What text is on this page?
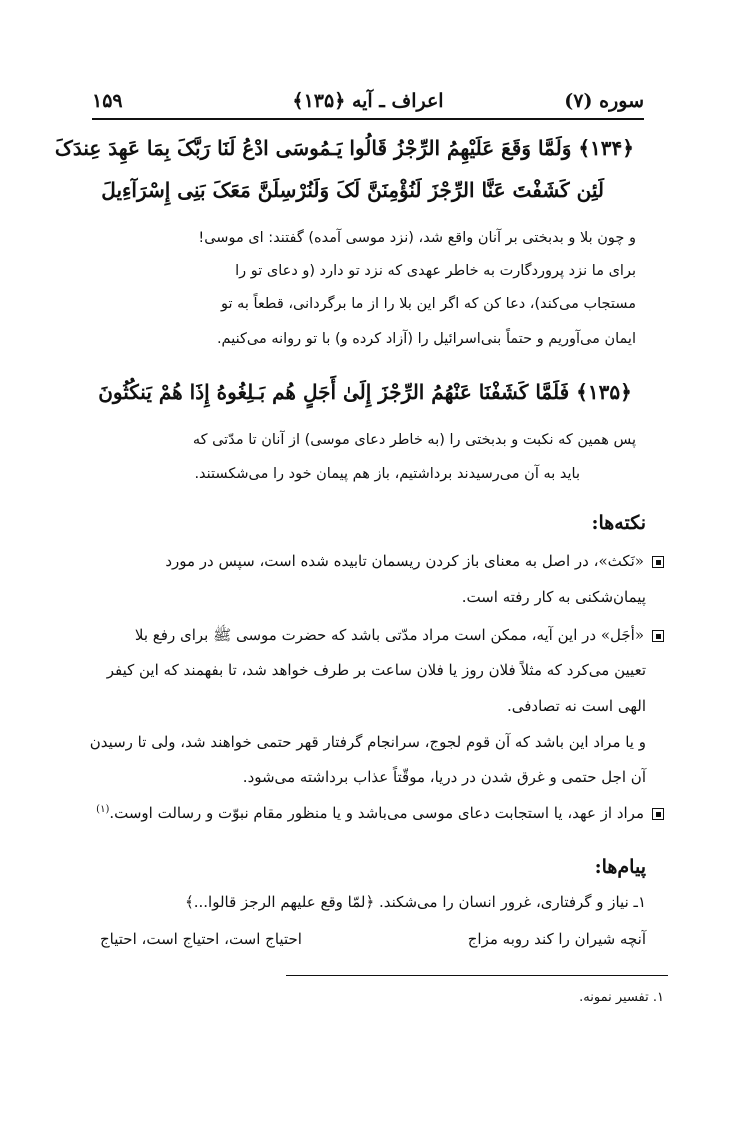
سوره (۷)
اعراف ـ آیه ﴿۱۳۵﴾
۱۵۹
﴿۱۳۴﴾ وَلَمَّا وَقَعَ عَلَیْهِمُ الرِّجْزُ قَالُوا یَـمُوسَی ادْعُ لَنَا رَبَّکَ بِمَا عَهِدَ عِندَکَ
لَئِن کَشَفْتَ عَنَّا الرِّجْزَ لَنُؤْمِنَنَّ لَکَ وَلَنُرْسِلَنَّ مَعَکَ بَنِی إِسْرَآءِیلَ
و چون بلا و بدبختی بر آنان واقع شد، (نزد موسی آمده) گفتند: ای موسی!
برای ما نزد پروردگارت به خاطر عهدی که نزد تو دارد (و دعای تو را
مستجاب می‌کند)، دعا کن که اگر این بلا را از ما برگردانی، قطعاً به تو
ایمان می‌آوریم و حتماً بنی‌اسرائیل را (آزاد کرده و) با تو روانه می‌کنیم.
﴿۱۳۵﴾ فَلَمَّا کَشَفْنَا عَنْهُمُ الرِّجْزَ إِلَیٰ أَجَلٍ هُم بَـلِغُوهُ إِذَا هُمْ یَنکُثُونَ
پس همین که نکبت و بدبختی را (به خاطر دعای موسی) از آنان تا مدّتی که
باید به آن می‌رسیدند برداشتیم، باز هم پیمان خود را می‌شکستند.
نکته‌ها:
«نَکث»، در اصل به معنای باز کردن ریسمان تابیده شده است، سپس در مورد
پیمان‌شکنی به کار رفته است.
«أجَل» در این آیه، ممکن است مراد مدّتی باشد که حضرت موسی ﷺ برای رفع بلا
تعیین می‌کرد که مثلاً فلان روز یا فلان ساعت بر طرف خواهد شد، تا بفهمند که این کیفر
الهی است نه تصادفی.
و یا مراد این باشد که آن قوم لجوج، سرانجام گرفتار قهر حتمی خواهند شد، ولی تا رسیدن
آن اجل حتمی و غرق شدن در دریا، موقّتاً عذاب برداشته می‌شود.
مراد از عهد، یا استجابت دعای موسی می‌باشد و یا منظور مقام نبوّت و رسالت اوست.$^{(۱)}$
پیام‌ها:
۱ـ نیاز و گرفتاری، غرور انسان را می‌شکند. ﴿لمّا وقع علیهم الرجز قالوا...﴾
آنچه شیران را کند روبه مزاج
احتیاج است، احتیاج است، احتیاج
۱. تفسیر نمونه.
